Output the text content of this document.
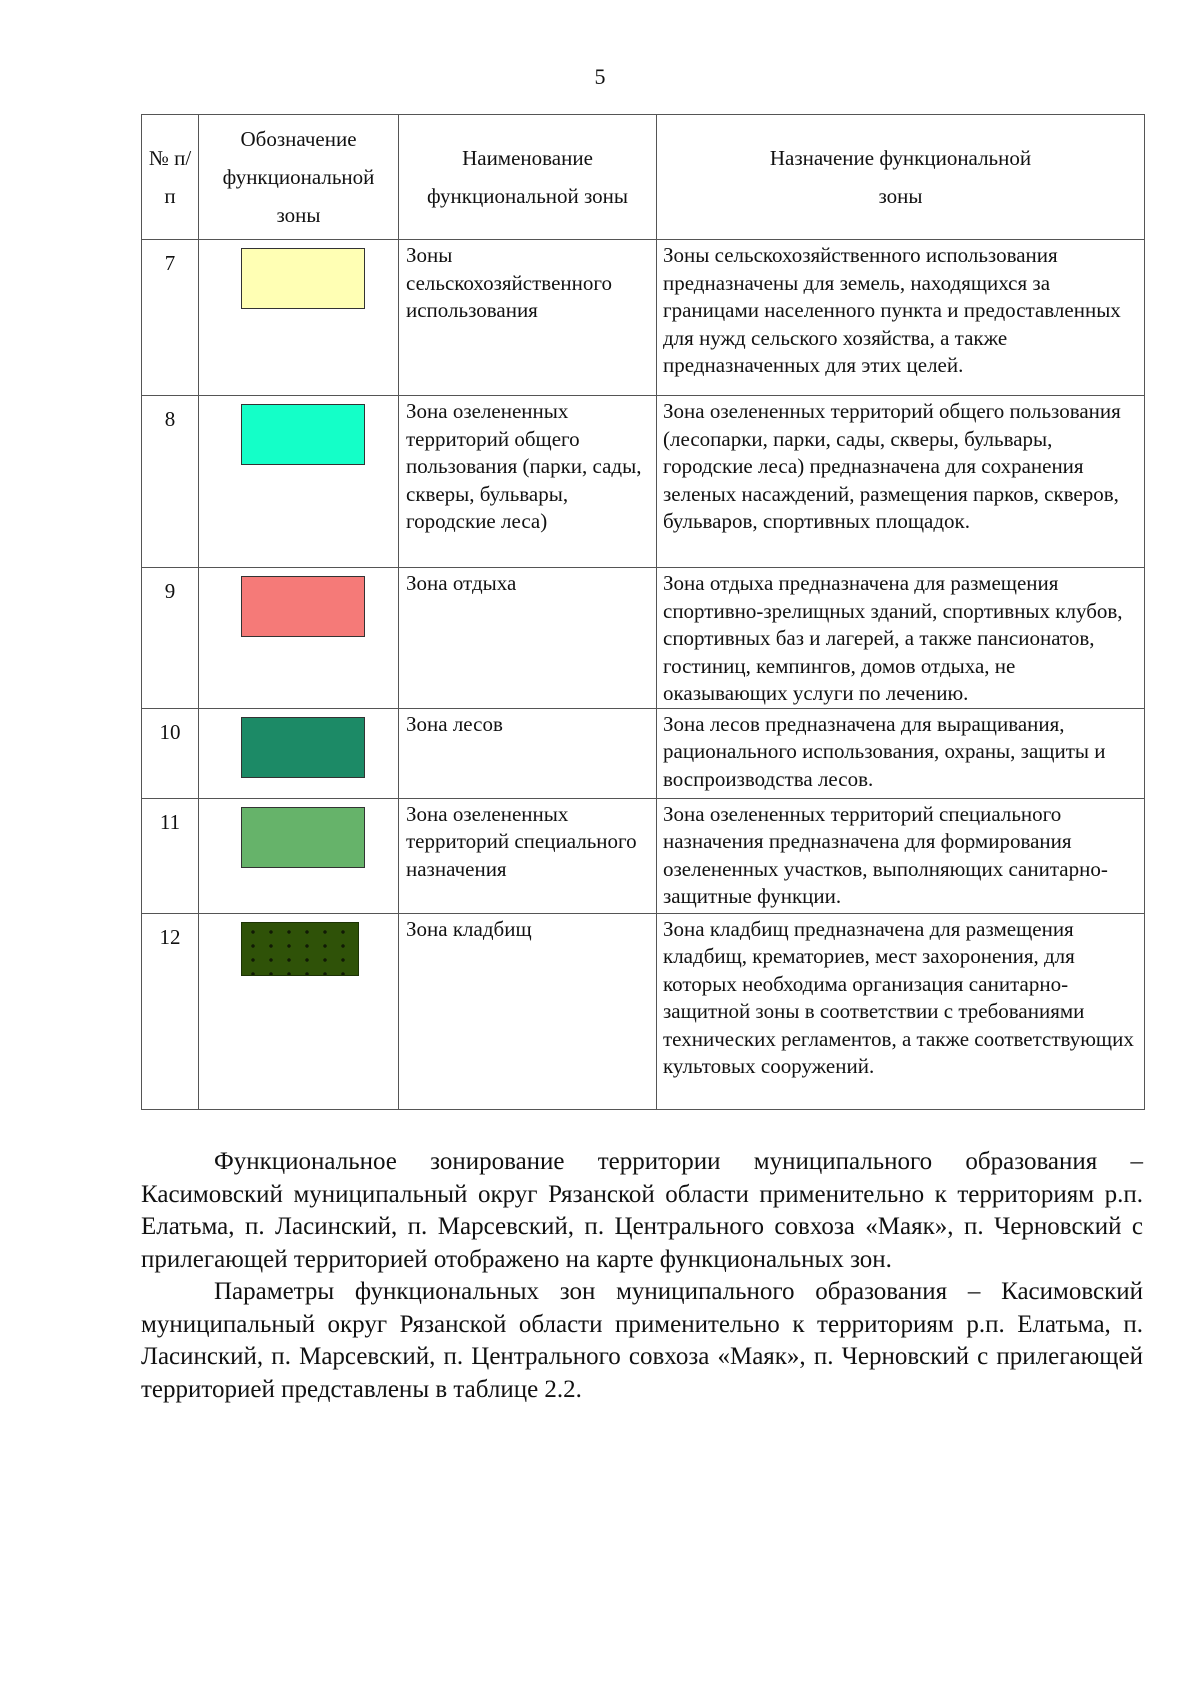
5
№ п/п	Обозначение функциональной зоны	Наименование функциональной зоны	Назначение функциональной зоны
7		Зоны сельскохозяйственного использования	Зоны сельскохозяйственного использования предназначены для земель, находящихся за границами населенного пункта и предоставленных для нужд сельского хозяйства, а также предназначенных для этих целей.
8		Зона озелененных территорий общего пользования (парки, сады, скверы, бульвары, городские леса)	Зона озелененных территорий общего пользования (лесопарки, парки, сады, скверы, бульвары, городские леса) предназначена для сохранения зеленых насаждений, размещения парков, скверов, бульваров, спортивных площадок.
9		Зона отдыха	Зона отдыха предназначена для размещения спортивно-зрелищных зданий, спортивных клубов, спортивных баз и лагерей, а также пансионатов, гостиниц, кемпингов, домов отдыха, не оказывающих услуги по лечению.
10		Зона лесов	Зона лесов предназначена для выращивания, рационального использования, охраны, защиты и воспроизводства лесов.
11		Зона озелененных территорий специального назначения	Зона озелененных территорий специального назначения предназначена для формирования озелененных участков, выполняющих санитарно-защитные функции.
12		Зона кладбищ	Зона кладбищ предназначена для размещения кладбищ, крематориев, мест захоронения, для которых необходима организация санитарно-защитной зоны в соответствии с требованиями технических регламентов, а также соответствующих культовых сооружений.

Функциональное зонирование территории муниципального образования – Касимовский муниципальный округ Рязанской области применительно к территориям р.п. Елатьма, п. Ласинский, п. Марсевский, п. Центрального совхоза «Маяк», п. Черновский с прилегающей территорией отображено на карте функциональных зон.

Параметры функциональных зон муниципального образования – Касимовский муниципальный округ Рязанской области применительно к территориям р.п. Елатьма, п. Ласинский, п. Марсевский, п. Центрального совхоза «Маяк», п. Черновский с прилегающей территорией представлены в таблице 2.2.
